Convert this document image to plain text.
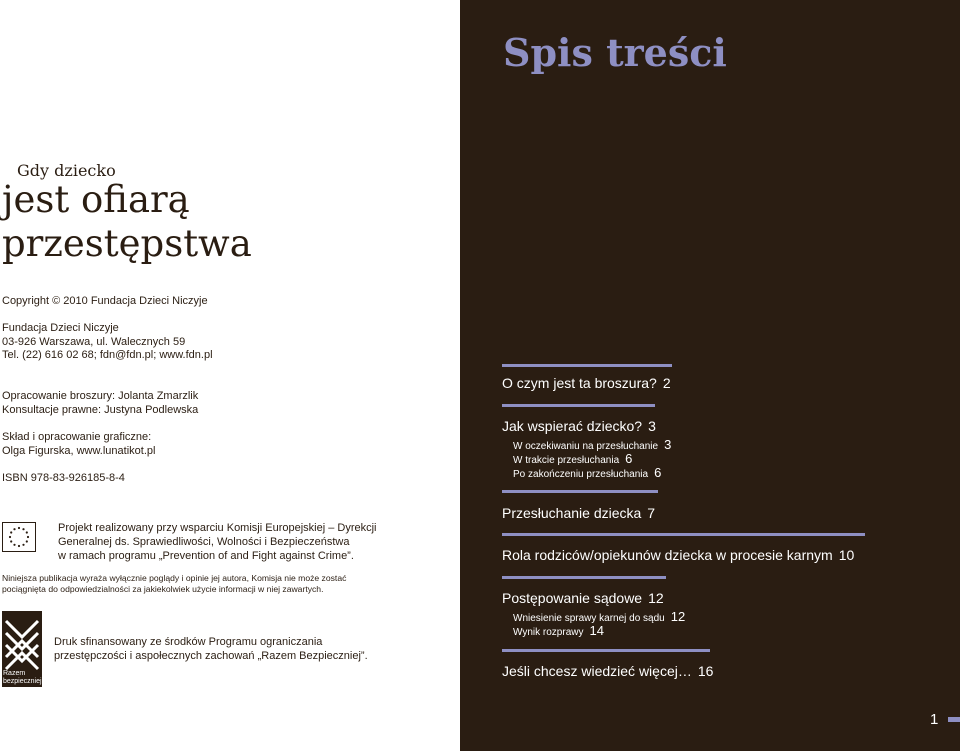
Gdy dziecko
jest ofiarą
przestępstwa
Copyright © 2010 Fundacja Dzieci Niczyje
Fundacja Dzieci Niczyje
03-926 Warszawa, ul. Walecznych 59
Tel. (22) 616 02 68; fdn@fdn.pl; www.fdn.pl
Opracowanie broszury: Jolanta Zmarzlik
Konsultacje prawne: Justyna Podlewska
Skład i opracowanie graficzne:
Olga Figurska, www.lunatikot.pl
ISBN 978-83-926185-8-4
Projekt realizowany przy wsparciu Komisji Europejskiej – Dyrekcji
Generalnej ds. Sprawiedliwości, Wolności i Bezpieczeństwa
w ramach programu „Prevention of and Fight against Crime”.
Niniejsza publikacja wyraża wyłącznie poglądy i opinie jej autora, Komisja nie może zostać
pociągnięta do odpowiedzialności za jakiekolwiek użycie informacji w niej zawartych.
Razem
bezpieczniej
Druk sfinansowany ze środków Programu ograniczania
przestępczości i aspołecznych zachowań „Razem Bezpieczniej”.
Spis treści
O czym jest ta broszura? 2
Jak wspierać dziecko? 3
W oczekiwaniu na przesłuchanie 3
W trakcie przesłuchania 6
Po zakończeniu przesłuchania 6
Przesłuchanie dziecka 7
Rola rodziców/opiekunów dziecka w procesie karnym 10
Postępowanie sądowe 12
Wniesienie sprawy karnej do sądu 12
Wynik rozprawy 14
Jeśli chcesz wiedzieć więcej… 16
1
